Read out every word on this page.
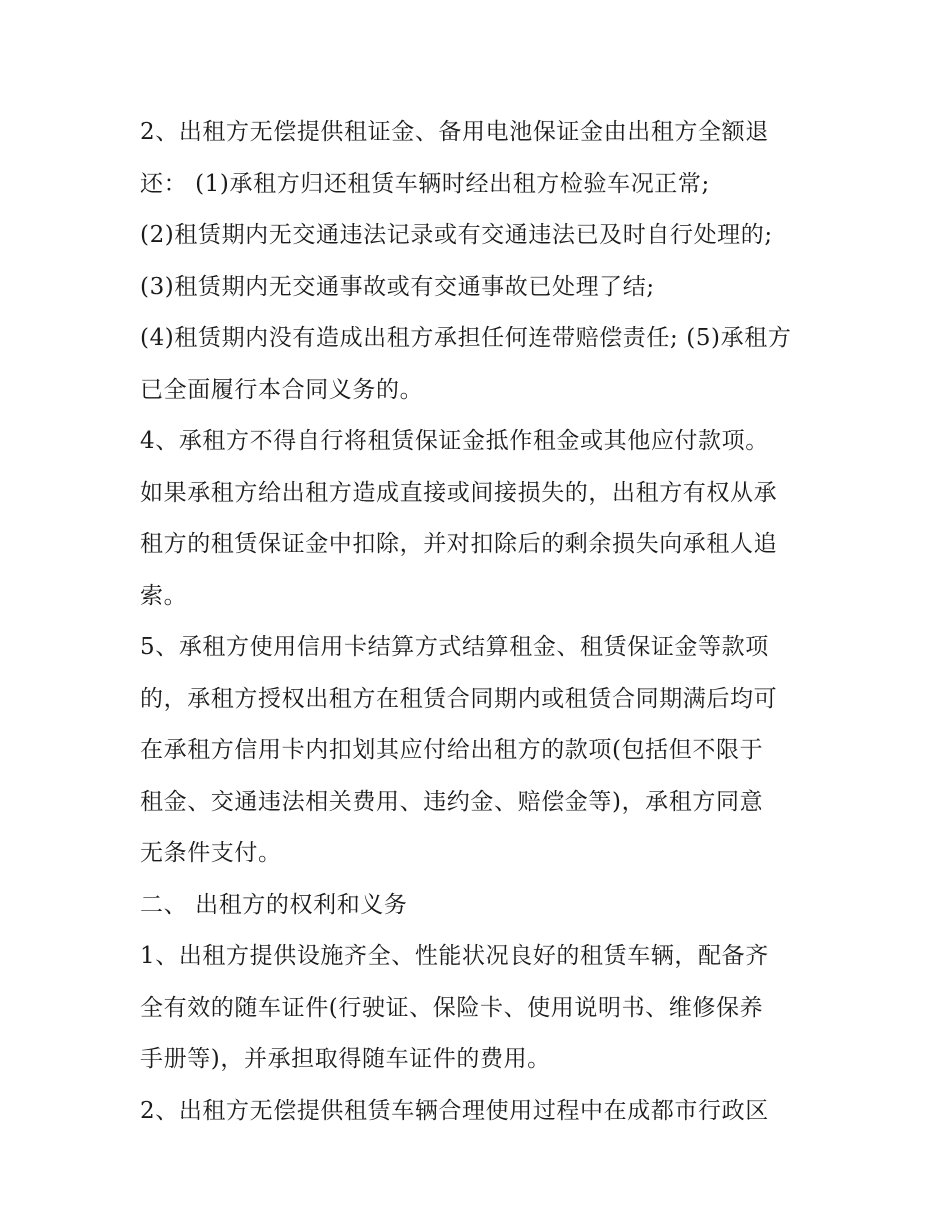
2、出租方无偿提供租证金、备用电池保证金由出租方全额退
还： (1)承租方归还租赁车辆时经出租方检验车况正常;
(2)租赁期内无交通违法记录或有交通违法已及时自行处理的;
(3)租赁期内无交通事故或有交通事故已处理了结;
(4)租赁期内没有造成出租方承担任何连带赔偿责任; (5)承租方
已全面履行本合同义务的。
4、承租方不得自行将租赁保证金抵作租金或其他应付款项。
如果承租方给出租方造成直接或间接损失的，出租方有权从承
租方的租赁保证金中扣除，并对扣除后的剩余损失向承租人追
索。
5、承租方使用信用卡结算方式结算租金、租赁保证金等款项
的，承租方授权出租方在租赁合同期内或租赁合同期满后均可
在承租方信用卡内扣划其应付给出租方的款项(包括但不限于
租金、交通违法相关费用、违约金、赔偿金等)，承租方同意
无条件支付。
二、 出租方的权利和义务
1、出租方提供设施齐全、性能状况良好的租赁车辆，配备齐
全有效的随车证件(行驶证、保险卡、使用说明书、维修保养
手册等)，并承担取得随车证件的费用。
2、出租方无偿提供租赁车辆合理使用过程中在成都市行政区
